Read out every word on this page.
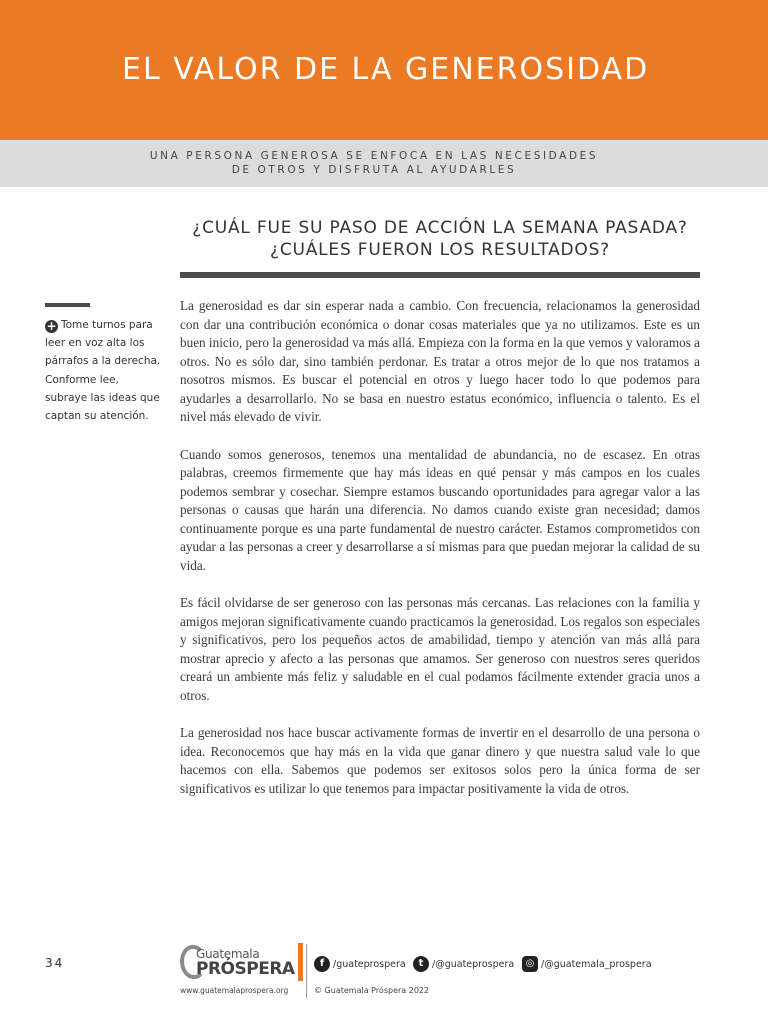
EL VALOR DE LA GENEROSIDAD
UNA PERSONA GENEROSA SE ENFOCA EN LAS NECESIDADES
DE OTROS Y DISFRUTA AL AYUDARLES
¿CUÁL FUE SU PASO DE ACCIÓN LA SEMANA PASADA?
¿CUÁLES FUERON LOS RESULTADOS?
+ Tome turnos para leer en voz alta los párrafos a la derecha. Conforme lee, subraye las ideas que captan su atención.

La generosidad es dar sin esperar nada a cambio. Con frecuencia, relacionamos la generosidad con dar una contribución económica o donar cosas materiales que ya no utilizamos. Este es un buen inicio, pero la generosidad va más allá. Empieza con la forma en la que vemos y valoramos a otros. No es sólo dar, sino también perdonar. Es tratar a otros mejor de lo que nos tratamos a nosotros mismos. Es buscar el potencial en otros y luego hacer todo lo que podemos para ayudarles a desarrollarlo. No se basa en nuestro estatus económico, influencia o talento. Es el nivel más elevado de vivir.

Cuando somos generosos, tenemos una mentalidad de abundancia, no de escasez. En otras palabras, creemos firmemente que hay más ideas en qué pensar y más campos en los cuales podemos sembrar y cosechar. Siempre estamos buscando oportunidades para agregar valor a las personas o causas que harán una diferencia. No damos cuando existe gran necesidad; damos continuamente porque es una parte fundamental de nuestro carácter. Estamos comprometidos con ayudar a las personas a creer y desarrollarse a sí mismas para que puedan mejorar la calidad de su vida.

Es fácil olvidarse de ser generoso con las personas más cercanas. Las relaciones con la familia y amigos mejoran significativamente cuando practicamos la generosidad. Los regalos son especiales y significativos, pero los pequeños actos de amabilidad, tiempo y atención van más allá para mostrar aprecio y afecto a las personas que amamos. Ser generoso con nuestros seres queridos creará un ambiente más feliz y saludable en el cual podamos fácilmente extender gracia unos a otros.

La generosidad nos hace buscar activamente formas de invertir en el desarrollo de una persona o idea. Reconocemos que hay más en la vida que ganar dinero y que nuestra salud vale lo que hacemos con ella. Sabemos que podemos ser exitosos solos pero la única forma de ser significativos es utilizar lo que tenemos para impactar positivamente la vida de otros.

34
Guatemala
PRÓSPERA
www.guatemalaprospera.org
f /guateprospera	t /@guateprospera	◎ /@guatemala_prospera
© Guatemala Próspera 2022
